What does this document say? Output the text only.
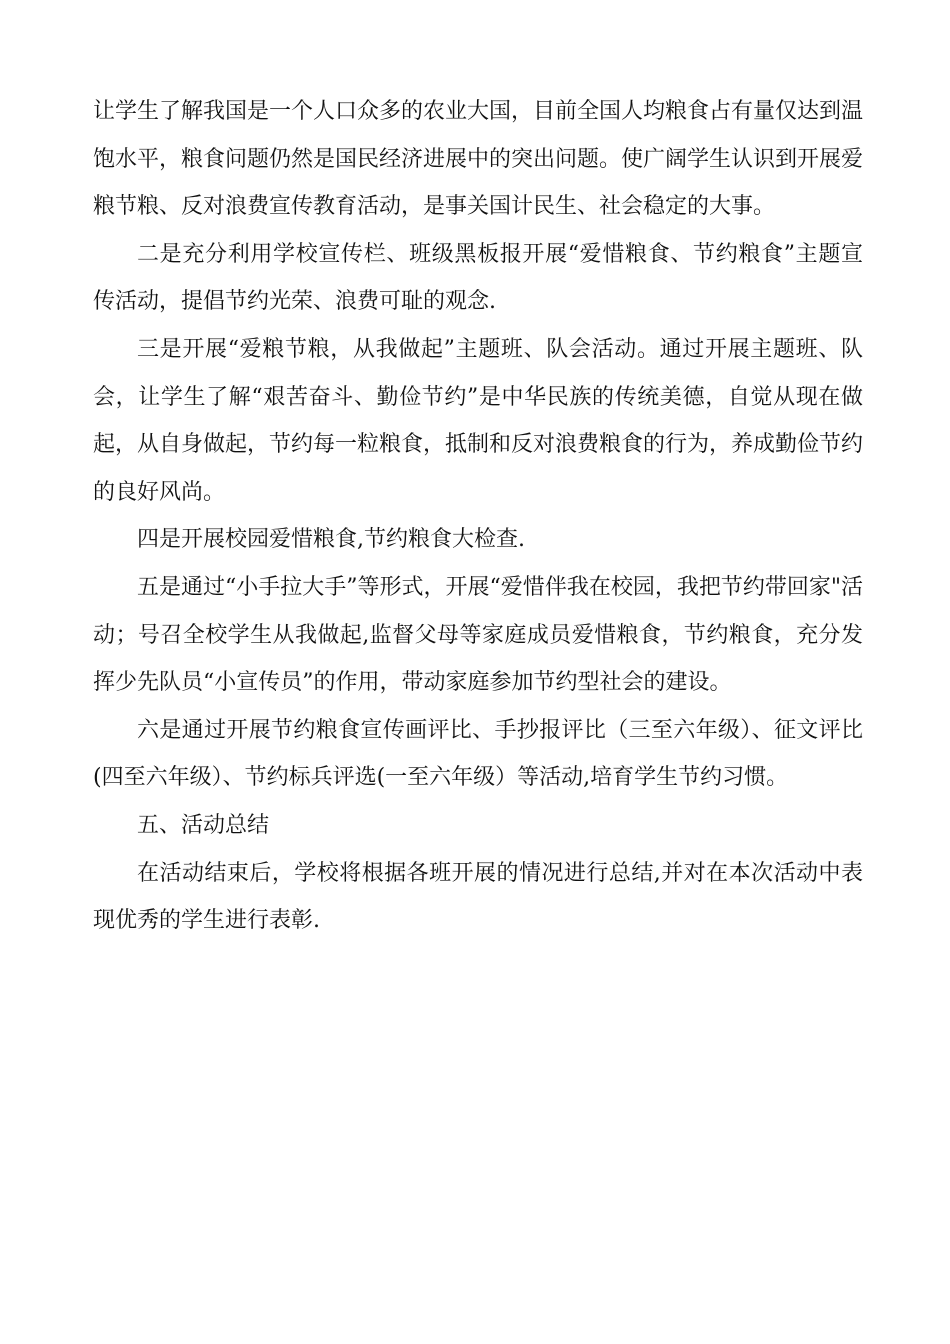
让学生了解我国是一个人口众多的农业大国，目前全国人均粮食占有量仅达到温饱水平，粮食问题仍然是国民经济进展中的突出问题。使广阔学生认识到开展爱粮节粮、反对浪费宣传教育活动，是事关国计民生、社会稳定的大事。

二是充分利用学校宣传栏、班级黑板报开展“爱惜粮食、节约粮食”主题宣传活动，提倡节约光荣、浪费可耻的观念.

三是开展“爱粮节粮，从我做起”主题班、队会活动。通过开展主题班、队会，让学生了解“艰苦奋斗、勤俭节约”是中华民族的传统美德，自觉从现在做起，从自身做起，节约每一粒粮食，抵制和反对浪费粮食的行为，养成勤俭节约的良好风尚。

四是开展校园爱惜粮食,节约粮食大检查.

五是通过“小手拉大手”等形式，开展“爱惜伴我在校园，我把节约带回家"活动；号召全校学生从我做起,监督父母等家庭成员爱惜粮食，节约粮食，充分发挥少先队员“小宣传员”的作用，带动家庭参加节约型社会的建设。

六是通过开展节约粮食宣传画评比、手抄报评比（三至六年级）、征文评比(四至六年级）、节约标兵评选(一至六年级）等活动,培育学生节约习惯。

五、活动总结

在活动结束后，学校将根据各班开展的情况进行总结,并对在本次活动中表现优秀的学生进行表彰.
